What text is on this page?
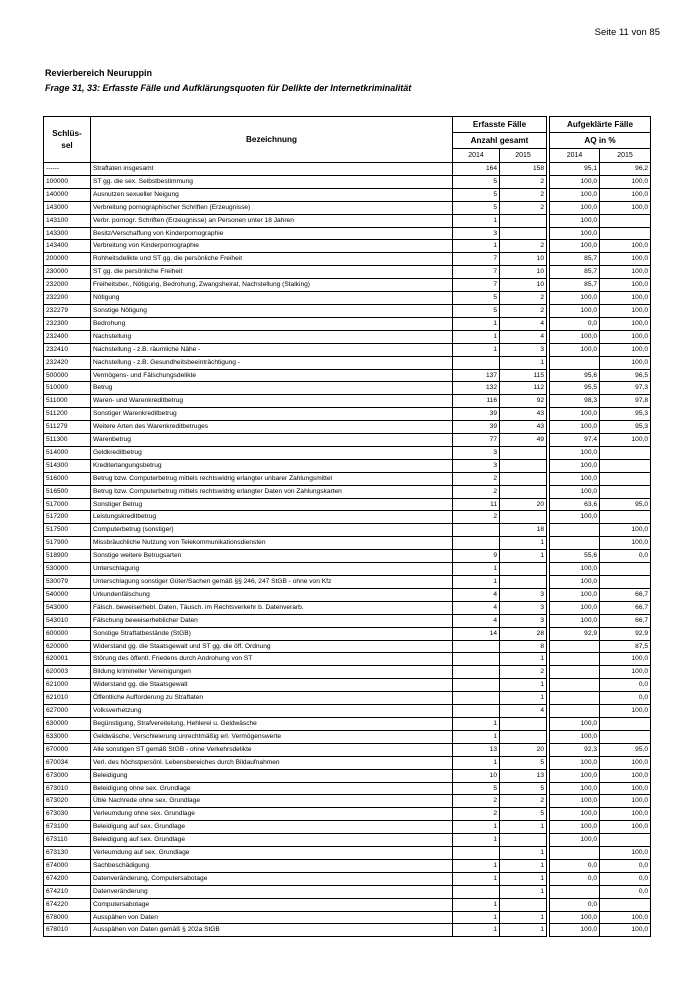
Seite 11 von 85
Revierbereich Neuruppin
Frage 31, 33: Erfasste Fälle und Aufklärungsquoten für Delikte der Internetkriminalität
Schlüs-
sel	Bezeichnung	Erfasste Fälle			Aufgeklärte Fälle	
		Anzahl gesamt			AQ in %	
		2014	2015		2014	2015
------	Straftaten insgesamt	164	158		95,1	96,2
100000	ST gg. die sex. Selbstbestimmung	5	2		100,0	100,0
140000	Ausnutzen sexueller Neigung	5	2		100,0	100,0
143000	Verbreitung pornographischer Schriften (Erzeugnisse)	5	2		100,0	100,0
143100	Verbr. pornogr. Schriften (Erzeugnisse) an Personen unter 18 Jahren	1			100,0	
143300	Besitz/Verschaffung von Kinderpornographie	3			100,0	
143400	Verbreitung von Kinderpornographie	1	2		100,0	100,0
200000	Rohheitsdelikte und ST gg. die persönliche Freiheit	7	10		85,7	100,0
230000	ST gg. die persönliche Freiheit	7	10		85,7	100,0
232000	Freiheitsber., Nötigung, Bedrohung, Zwangsheirat, Nachstellung (Stalking)	7	10		85,7	100,0
232200	Nötigung	5	2		100,0	100,0
232279	Sonstige Nötigung	5	2		100,0	100,0
232300	Bedrohung	1	4		0,0	100,0
232400	Nachstellung	1	4		100,0	100,0
232410	Nachstellung - z.B. räumliche Nähe -	1	3		100,0	100,0
232420	Nachstellung - z.B. Gesundheitsbeeinträchtigung -		1			100,0
500000	Vermögens- und Fälschungsdelikte	137	115		95,6	96,5
510000	Betrug	132	112		95,5	97,3
511000	Waren- und Warenkreditbetrug	116	92		98,3	97,8
511200	Sonstiger Warenkreditbetrug	39	43		100,0	95,3
511279	Weitere Arten des Warenkreditbetruges	39	43		100,0	95,3
511300	Warenbetrug	77	49		97,4	100,0
514000	Geldkreditbetrug	3			100,0	
514300	Krediterlangungsbetrug	3			100,0	
516000	Betrug bzw. Computerbetrug mittels rechtswidrig erlangter unbarer Zahlungsmittel	2			100,0	
516500	Betrug bzw. Computerbetrug mittels rechtswidrig erlangter Daten von Zahlungskarten	2			100,0	
517000	Sonstiger Betrug	11	20		63,6	95,0
517200	Leistungskreditbetrug	2			100,0	
517500	Computerbetrug (sonstiger)		18			100,0
517900	Missbräuchliche Nutzung von Telekommunikationsdiensten		1			100,0
518900	Sonstige weitere Betrugsarten	9	1		55,6	0,0
530000	Unterschlagung	1			100,0	
530079	Unterschlagung sonstiger Güter/Sachen gemäß §§ 246, 247 StGB - ohne von Kfz	1			100,0	
540000	Urkundenfälschung	4	3		100,0	66,7
543000	Fälsch. beweiserhebl. Daten, Täusch. im Rechtsverkehr b. Datenverarb.	4	3		100,0	66,7
543010	Fälschung beweiserheblicher Daten	4	3		100,0	66,7
600000	Sonstige Straftatbestände (StGB)	14	28		92,9	92,9
620000	Widerstand gg. die Staatsgewalt und ST gg. die öff. Ordnung		8			87,5
620001	Störung des öffentl. Friedens durch Androhung von ST		1			100,0
620003	Bildung krimineller Vereinigungen		2			100,0
621000	Widerstand gg. die Staatsgewalt		1			0,0
621010	Öffentliche Aufforderung zu Straftaten		1			0,0
627000	Volksverhetzung		4			100,0
630000	Begünstigung, Strafvereitelung, Hehlerei u. Geldwäsche	1			100,0	
633000	Geldwäsche, Verschleierung unrechtmäßig erl. Vermögenswerte	1			100,0	
670000	Alle sonstigen ST gemäß StGB - ohne Verkehrsdelikte	13	20		92,3	95,0
670034	Verl. des höchstpersönl. Lebensbereiches durch Bildaufnahmen	1	5		100,0	100,0
673000	Beleidigung	10	13		100,0	100,0
673010	Beleidigung ohne sex. Grundlage	5	5		100,0	100,0
673020	Üble Nachrede ohne sex. Grundlage	2	2		100,0	100,0
673030	Verleumdung ohne sex. Grundlage	2	5		100,0	100,0
673100	Beleidigung auf sex. Grundlage	1	1		100,0	100,0
673110	Beleidigung auf sex. Grundlage	1			100,0	
673130	Verleumdung auf sex. Grundlage		1			100,0
674000	Sachbeschädigung	1	1		0,0	0,0
674200	Datenveränderung, Computersabotage	1	1		0,0	0,0
674210	Datenveränderung		1			0,0
674220	Computersabotage	1			0,0	
678000	Ausspähen von Daten	1	1		100,0	100,0
678010	Ausspähen von Daten gemäß § 202a StGB	1	1		100,0	100,0
